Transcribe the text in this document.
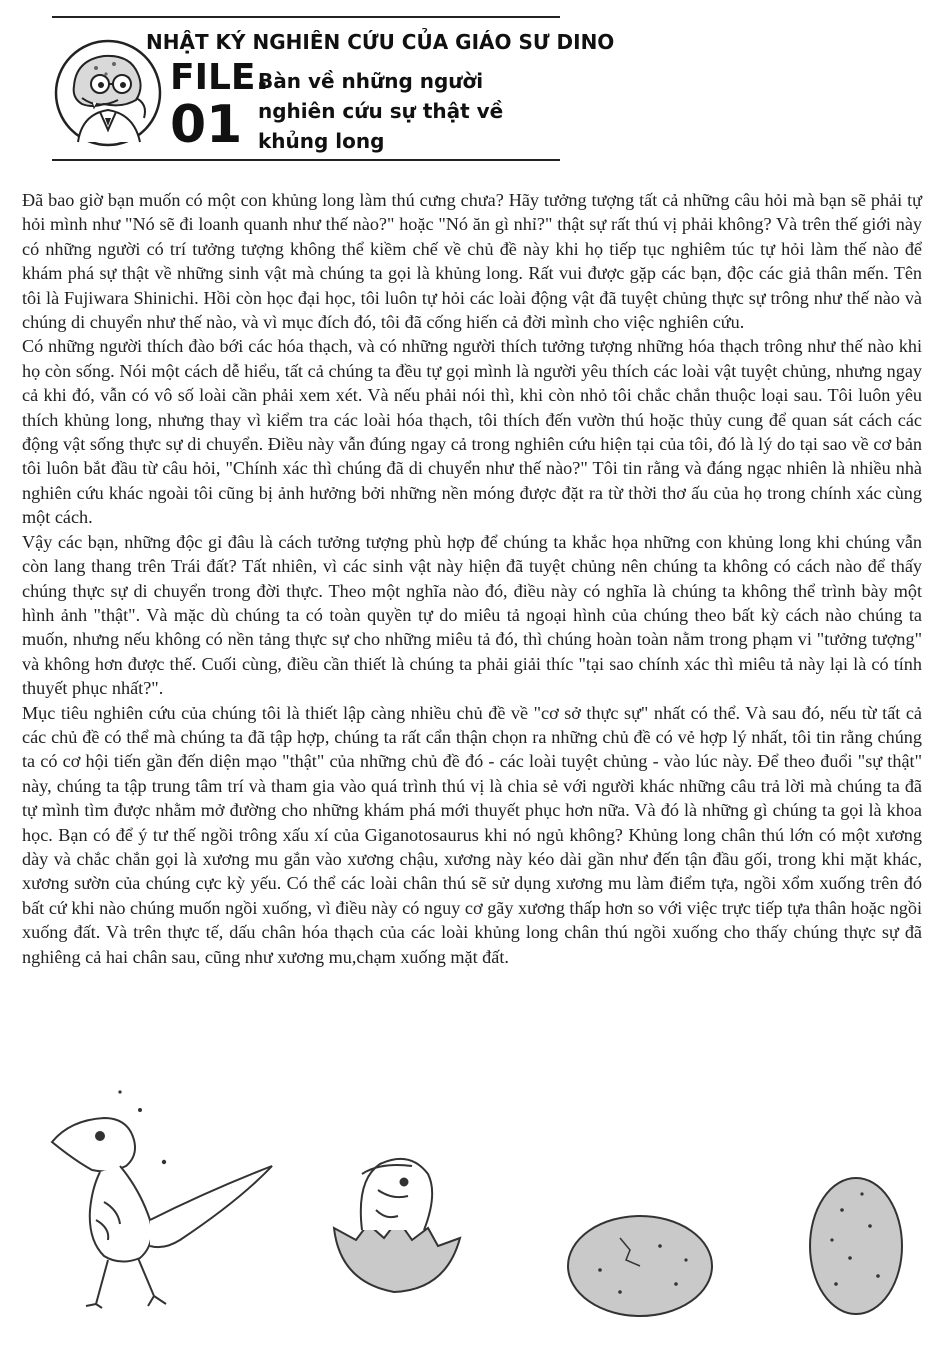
NHẬT KÝ NGHIÊN CỨU CỦA GIÁO SƯ DINO
FILE.
01
Bàn về những người nghiên cứu sự thật về khủng long

Đã bao giờ bạn muốn có một con khủng long làm thú cưng chưa? Hãy tưởng tượng tất cả những câu hỏi mà bạn sẽ phải tự hỏi mình như "Nó sẽ đi loanh quanh như thế nào?" hoặc "Nó ăn gì nhỉ?" thật sự rất thú vị phải không? Và trên thế giới này có những người có trí tưởng tượng không thể kiềm chế về chủ đề này khi họ tiếp tục nghiêm túc tự hỏi làm thế nào để khám phá sự thật về những sinh vật mà chúng ta gọi là khủng long. Rất vui được gặp các bạn, độc các giả thân mến. Tên tôi là Fujiwara Shinichi. Hồi còn học đại học, tôi luôn tự hỏi các loài động vật đã tuyệt chủng thực sự trông như thế nào và chúng di chuyển như thế nào, và vì mục đích đó, tôi đã cống hiến cả đời mình cho việc nghiên cứu.

Có những người thích đào bới các hóa thạch, và có những người thích tưởng tượng những hóa thạch trông như thế nào khi họ còn sống. Nói một cách dễ hiểu, tất cả chúng ta đều tự gọi mình là người yêu thích các loài vật tuyệt chủng, nhưng ngay cả khi đó, vẫn có vô số loài cần phải xem xét. Và nếu phải nói thì, khi còn nhỏ tôi chắc chắn thuộc loại sau. Tôi luôn yêu thích khủng long, nhưng thay vì kiểm tra các loài hóa thạch, tôi thích đến vườn thú hoặc thủy cung để quan sát cách các động vật sống thực sự di chuyển. Điều này vẫn đúng ngay cả trong nghiên cứu hiện tại của tôi, đó là lý do tại sao về cơ bản tôi luôn bắt đầu từ câu hỏi, "Chính xác thì chúng đã di chuyển như thế nào?" Tôi tin rằng và đáng ngạc nhiên là nhiều nhà nghiên cứu khác ngoài tôi cũng bị ảnh hưởng bởi những nền móng được đặt ra từ thời thơ ấu của họ trong chính xác cùng một cách.

Vậy các bạn, những độc gỉ đâu là cách tưởng tượng phù hợp để chúng ta khắc họa những con khủng long khi chúng vẫn còn lang thang trên Trái đất? Tất nhiên, vì các sinh vật này hiện đã tuyệt chủng nên chúng ta không có cách nào để thấy chúng thực sự di chuyển trong đời thực. Theo một nghĩa nào đó, điều này có nghĩa là chúng ta không thể trình bày một hình ảnh "thật". Và mặc dù chúng ta có toàn quyền tự do miêu tả ngoại hình của chúng theo bất kỳ cách nào chúng ta muốn, nhưng nếu không có nền tảng thực sự cho những miêu tả đó, thì chúng hoàn toàn nằm trong phạm vi "tưởng tượng" và không hơn được thế. Cuối cùng, điều cần thiết là chúng ta phải giải thíc "tại sao chính xác thì miêu tả này lại là có tính thuyết phục nhất?".

Mục tiêu nghiên cứu của chúng tôi là thiết lập càng nhiều chủ đề về "cơ sở thực sự" nhất có thể. Và sau đó, nếu từ tất cả các chủ đề có thể mà chúng ta đã tập hợp, chúng ta rất cẩn thận chọn ra những chủ đề có vẻ hợp lý nhất, tôi tin rằng chúng ta có cơ hội tiến gần đến diện mạo "thật" của những chủ đề đó - các loài tuyệt chủng - vào lúc này. Để theo đuổi "sự thật" này, chúng ta tập trung tâm trí và tham gia vào quá trình thú vị là chia sẻ với người khác những câu trả lời mà chúng ta đã tự mình tìm được nhằm mở đường cho những khám phá mới thuyết phục hơn nữa. Và đó là những gì chúng ta gọi là khoa học. Bạn có để ý tư thế ngồi trông xấu xí của Giganotosaurus khi nó ngủ không? Khủng long chân thú lớn có một xương dày và chắc chắn gọi là xương mu gắn vào xương chậu, xương này kéo dài gần như đến tận đầu gối, trong khi mặt khác, xương sườn của chúng cực kỳ yếu. Có thể các loài chân thú sẽ sử dụng xương mu làm điểm tựa, ngồi xổm xuống trên đó bất cứ khi nào chúng muốn ngồi xuống, vì điều này có nguy cơ gãy xương thấp hơn so với việc trực tiếp tựa thân hoặc ngồi xuống đất. Và trên thực tế, dấu chân hóa thạch của các loài khủng long chân thú ngồi xuống cho thấy chúng thực sự đã nghiêng cả hai chân sau, cũng như xương mu,chạm xuống mặt đất.
